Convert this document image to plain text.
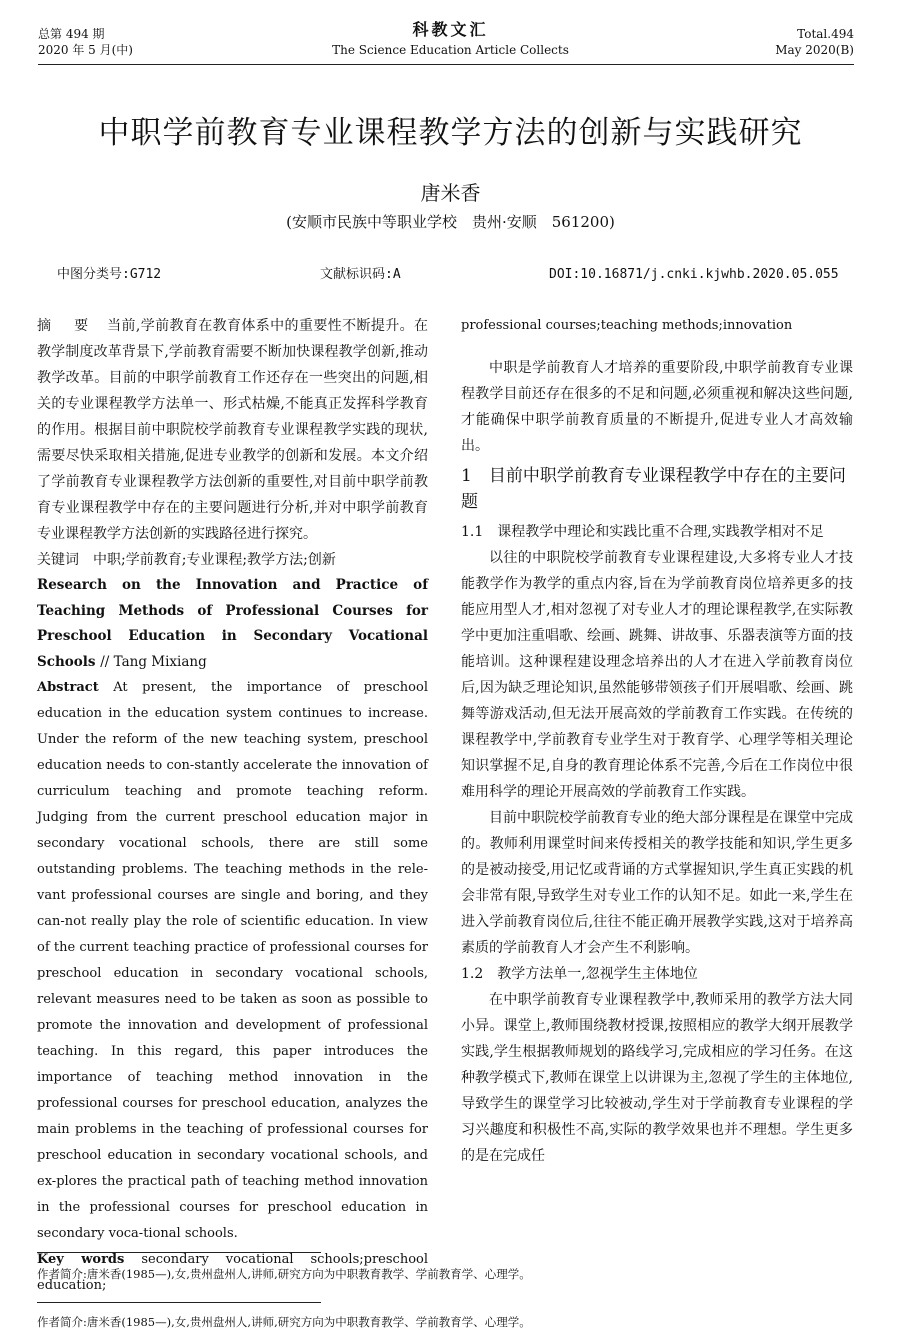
总第 494 期
2020 年 5 月(中)
科教文汇
The Science Education Article Collects
Total.494
May 2020(B)
中职学前教育专业课程教学方法的创新与实践研究
唐米香
(安顺市民族中等职业学校　贵州·安顺　561200)
中图分类号:G712	文献标识码:A	DOI:10.16871/j.cnki.kjwhb.2020.05.055

摘　要　 当前,学前教育在教育体系中的重要性不断提升。在教学制度改革背景下,学前教育需要不断加快课程教学创新,推动教学改革。目前的中职学前教育工作还存在一些突出的问题,相关的专业课程教学方法单一、形式枯燥,不能真正发挥科学教育的作用。根据目前中职院校学前教育专业课程教学实践的现状,需要尽快采取相关措施,促进专业教学的创新和发展。本文介绍了学前教育专业课程教学方法创新的重要性,对目前中职学前教育专业课程教学中存在的主要问题进行分析,并对中职学前教育专业课程教学方法创新的实践路径进行探究。

关键词　 中职;学前教育;专业课程;教学方法;创新

Research on the Innovation and Practice of Teaching Methods of Professional Courses for Preschool Education in Secondary Vocational Schools // Tang Mixiang

Abstract At present, the importance of preschool education in the education system continues to increase. Under the reform of the new teaching system, preschool education needs to con-stantly accelerate the innovation of curriculum teaching and promote teaching reform. Judging from the current preschool education major in secondary vocational schools, there are still some outstanding problems. The teaching methods in the rele-vant professional courses are single and boring, and they can-not really play the role of scientific education. In view of the current teaching practice of professional courses for preschool education in secondary vocational schools, relevant measures need to be taken as soon as possible to promote the innovation and development of professional teaching. In this regard, this paper introduces the importance of teaching method innovation in the professional courses for preschool education, analyzes the main problems in the teaching of professional courses for preschool education in secondary vocational schools, and ex-plores the practical path of teaching method innovation in the professional courses for preschool education in secondary voca-tional schools.

Key words secondary vocational schools;preschool education;

professional courses;teaching methods;innovation

中职是学前教育人才培养的重要阶段,中职学前教育专业课程教学目前还存在很多的不足和问题,必须重视和解决这些问题,才能确保中职学前教育质量的不断提升,促进专业人才高效输出。

1　目前中职学前教育专业课程教学中存在的主要问题
1.1　课程教学中理论和实践比重不合理,实践教学相对不足

以往的中职院校学前教育专业课程建设,大多将专业人才技能教学作为教学的重点内容,旨在为学前教育岗位培养更多的技能应用型人才,相对忽视了对专业人才的理论课程教学,在实际教学中更加注重唱歌、绘画、跳舞、讲故事、乐器表演等方面的技能培训。这种课程建设理念培养出的人才在进入学前教育岗位后,因为缺乏理论知识,虽然能够带领孩子们开展唱歌、绘画、跳舞等游戏活动,但无法开展高效的学前教育工作实践。在传统的课程教学中,学前教育专业学生对于教育学、心理学等相关理论知识掌握不足,自身的教育理论体系不完善,今后在工作岗位中很难用科学的理论开展高效的学前教育工作实践。

目前中职院校学前教育专业的绝大部分课程是在课堂中完成的。教师利用课堂时间来传授相关的教学技能和知识,学生更多的是被动接受,用记忆或背诵的方式掌握知识,学生真正实践的机会非常有限,导致学生对专业工作的认知不足。如此一来,学生在进入学前教育岗位后,往往不能正确开展教学实践,这对于培养高素质的学前教育人才会产生不利影响。

1.2　教学方法单一,忽视学生主体地位

在中职学前教育专业课程教学中,教师采用的教学方法大同小异。课堂上,教师围绕教材授课,按照相应的教学大纲开展教学实践,学生根据教师规划的路线学习,完成相应的学习任务。在这种教学模式下,教师在课堂上以讲课为主,忽视了学生的主体地位,导致学生的课堂学习比较被动,学生对于学前教育专业课程的学习兴趣度和积极性不高,实际的教学效果也并不理想。学生更多的是在完成任

作者简介:唐米香(1985—),女,贵州盘州人,讲师,研究方向为中职教育教学、学前教育学、心理学。
作者简介:唐米香(1985—),女,贵州盘州人,讲师,研究方向为中职教育教学、学前教育学、心理学。
